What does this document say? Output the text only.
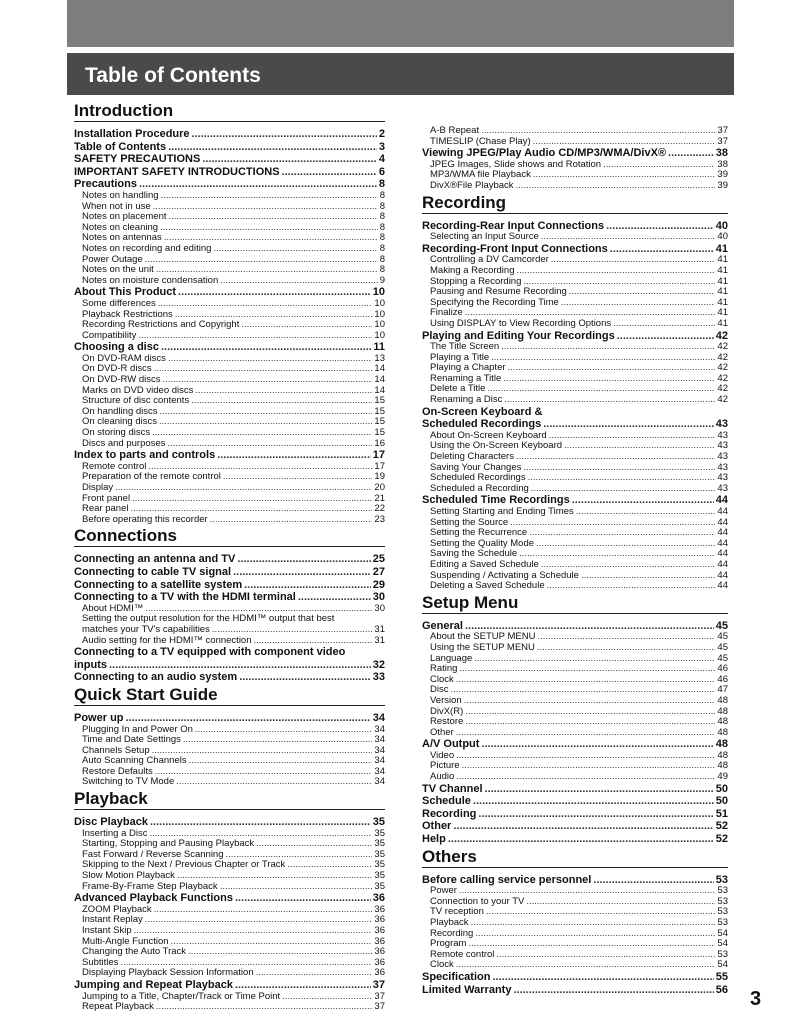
Table of Contents
Introduction
Installation Procedure .....	2
Table of Contents .....	3
SAFETY PRECAUTIONS .....	4
IMPORTANT SAFETY INTRODUCTIONS .....	6
Precautions .....	8
Notes on handling .....	8
When not in use .....	8
Notes on placement .....	8
Notes on cleaning .....	8
Notes on antennas .....	8
Notes on recording and editing .....	8
Power Outage .....	8
Notes on the unit .....	8
Notes on moisture condensation .....	9
About This Product .....	10
Some differences .....	10
Playback Restrictions .....	10
Recording Restrictions and Copyright .....	10
Compatibility .....	10
Choosing a disc .....	11
On DVD-RAM discs .....	13
On DVD-R discs .....	14
On DVD-RW discs .....	14
Marks on DVD video discs .....	14
Structure of disc contents .....	15
On handling discs .....	15
On cleaning discs .....	15
On storing discs .....	15
Discs and purposes .....	16
Index to parts and controls .....	17
Remote control .....	17
Preparation of the remote control .....	19
Display .....	20
Front panel .....	21
Rear panel .....	22
Before operating this recorder .....	23
Connections
Connecting an antenna and TV .....	25
Connecting to cable TV signal .....	27
Connecting to a satellite system .....	29
Connecting to a TV with the HDMI terminal .....	30
About HDMI™ .....	30
Setting the output resolution for the HDMI™ output that best
matches your TV's capabilities .....	31
Audio setting for the HDMI™ connection .....	31
Connecting to a TV equipped with component video
inputs .....	32
Connecting to an audio system .....	33
Quick Start Guide
Power up .....	34
Plugging In and Power On .....	34
Time and Date Settings .....	34
Channels Setup .....	34
Auto Scanning Channels .....	34
Restore Defaults .....	34
Switching to TV Mode .....	34
Playback
Disc Playback .....	35
Inserting a Disc .....	35
Starting, Stopping and Pausing Playback .....	35
Fast Forward / Reverse Scanning .....	35
Skipping to the Next / Previous Chapter or Track .....	35
Slow Motion Playback .....	35
Frame-By-Frame Step Playback .....	35
Advanced Playback Functions .....	36
ZOOM Playback .....	36
Instant Replay .....	36
Instant Skip .....	36
Multi-Angle Function .....	36
Changing the Auto Track .....	36
Subtitles .....	36
Displaying Playback Session Information .....	36
Jumping and Repeat Playback .....	37
Jumping to a Title, Chapter/Track or Time Point .....	37
Repeat Playback .....	37
A-B Repeat .....	37
TIMESLIP (Chase Play) .....	37
Viewing JPEG/Play Audio CD/MP3/WMA/DivX® .....	38
JPEG Images, Slide shows and Rotation .....	38
MP3/WMA file Playback .....	39
DivX®File Playback .....	39
Recording
Recording-Rear Input Connections .....	40
Selecting an Input Source .....	40
Recording-Front Input Connections .....	41
Controlling a DV Camcorder .....	41
Making a Recording .....	41
Stopping a Recording .....	41
Pausing and Resume Recording .....	41
Specifying the Recording Time .....	41
Finalize .....	41
Using DISPLAY to View Recording Options .....	41
Playing and Editing Your Recordings .....	42
The Title Screen .....	42
Playing a Title .....	42
Playing a Chapter .....	42
Renaming a Title .....	42
Delete a Title .....	42
Renaming a Disc .....	42
On-Screen Keyboard &
Scheduled Recordings .....	43
About On-Screen Keyboard .....	43
Using the On-Screen Keyboard .....	43
Deleting Characters .....	43
Saving Your Changes .....	43
Scheduled Recordings .....	43
Scheduled a Recording .....	43
Scheduled Time Recordings .....	44
Setting Starting and Ending Times .....	44
Setting the Source .....	44
Setting the Recurrence .....	44
Setting the Quality Mode .....	44
Saving the Schedule .....	44
Editing a Saved Schedule .....	44
Suspending / Activating a Schedule .....	44
Deleting a Saved Schedule .....	44
Setup Menu
General .....	45
About the SETUP MENU .....	45
Using the SETUP MENU .....	45
Language .....	45
Rating .....	46
Clock .....	46
Disc .....	47
Version .....	48
DivX(R) .....	48
Restore .....	48
Other .....	48
A/V Output .....	48
Video .....	48
Picture .....	48
Audio .....	49
TV Channel .....	50
Schedule .....	50
Recording .....	51
Other .....	52
Help .....	52
Others
Before calling service personnel .....	53
Power .....	53
Connection to your TV .....	53
TV reception .....	53
Playback .....	53
Recording .....	54
Program .....	54
Remote control .....	53
Clock .....	54
Specification .....	55
Limited Warranty .....	56 3
